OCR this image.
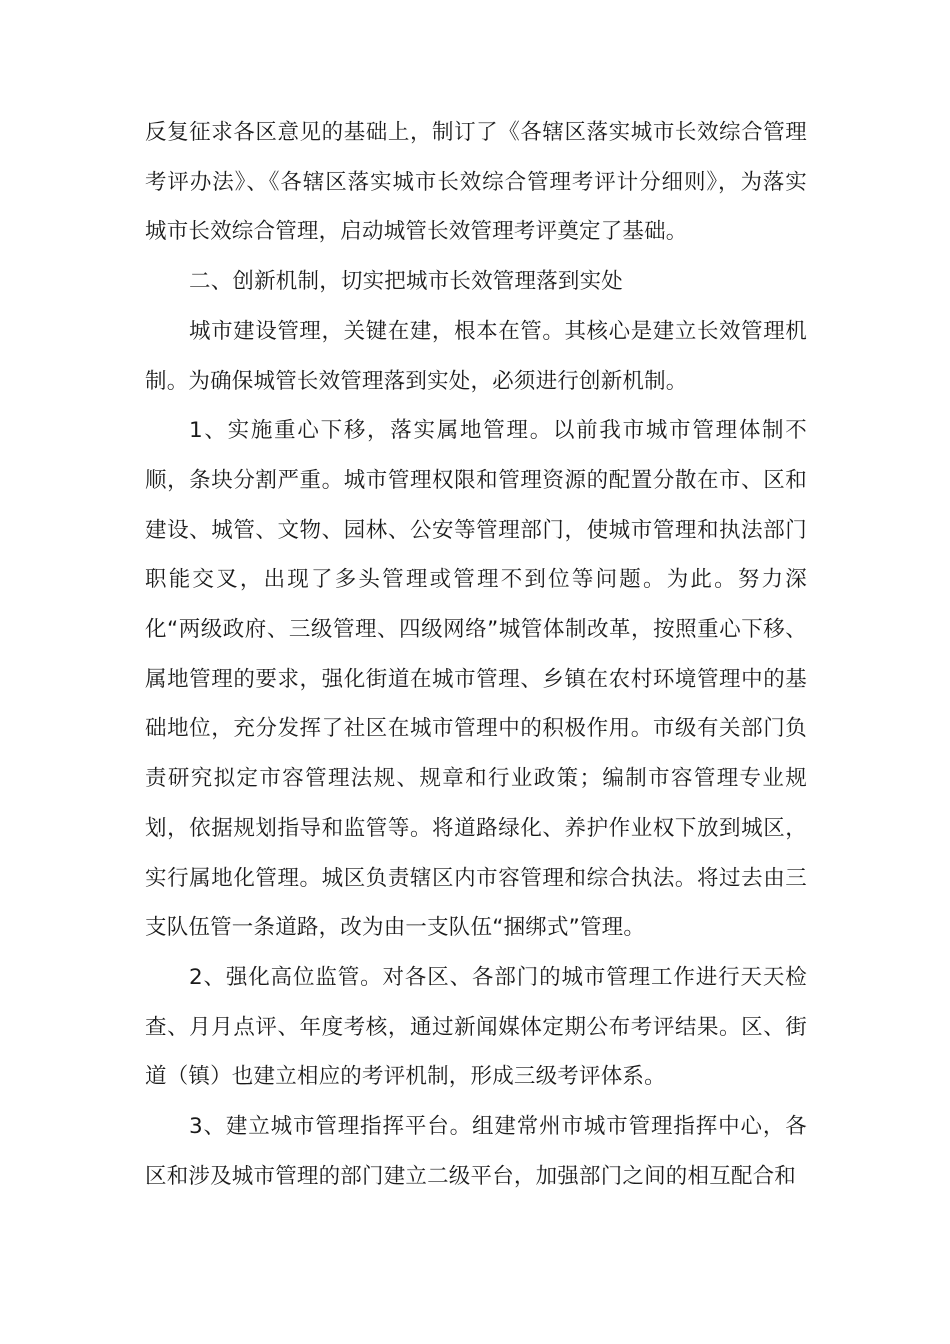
反复征求各区意见的基础上，制订了《各辖区落实城市长效综合管理考评办法》、《各辖区落实城市长效综合管理考评计分细则》，为落实城市长效综合管理，启动城管长效管理考评奠定了基础。

二、创新机制，切实把城市长效管理落到实处

城市建设管理，关键在建，根本在管。其核心是建立长效管理机制。为确保城管长效管理落到实处，必须进行创新机制。

1、实施重心下移，落实属地管理。以前我市城市管理体制不顺，条块分割严重。城市管理权限和管理资源的配置分散在市、区和建设、城管、文物、园林、公安等管理部门，使城市管理和执法部门职能交叉，出现了多头管理或管理不到位等问题。为此。努力深化“两级政府、三级管理、四级网络”城管体制改革，按照重心下移、属地管理的要求，强化街道在城市管理、乡镇在农村环境管理中的基础地位，充分发挥了社区在城市管理中的积极作用。市级有关部门负责研究拟定市容管理法规、规章和行业政策；编制市容管理专业规划，依据规划指导和监管等。将道路绿化、养护作业权下放到城区，实行属地化管理。城区负责辖区内市容管理和综合执法。将过去由三支队伍管一条道路，改为由一支队伍“捆绑式”管理。

2、强化高位监管。对各区、各部门的城市管理工作进行天天检查、月月点评、年度考核，通过新闻媒体定期公布考评结果。区、街道（镇）也建立相应的考评机制，形成三级考评体系。

3、建立城市管理指挥平台。组建常州市城市管理指挥中心，各区和涉及城市管理的部门建立二级平台，加强部门之间的相互配合和
